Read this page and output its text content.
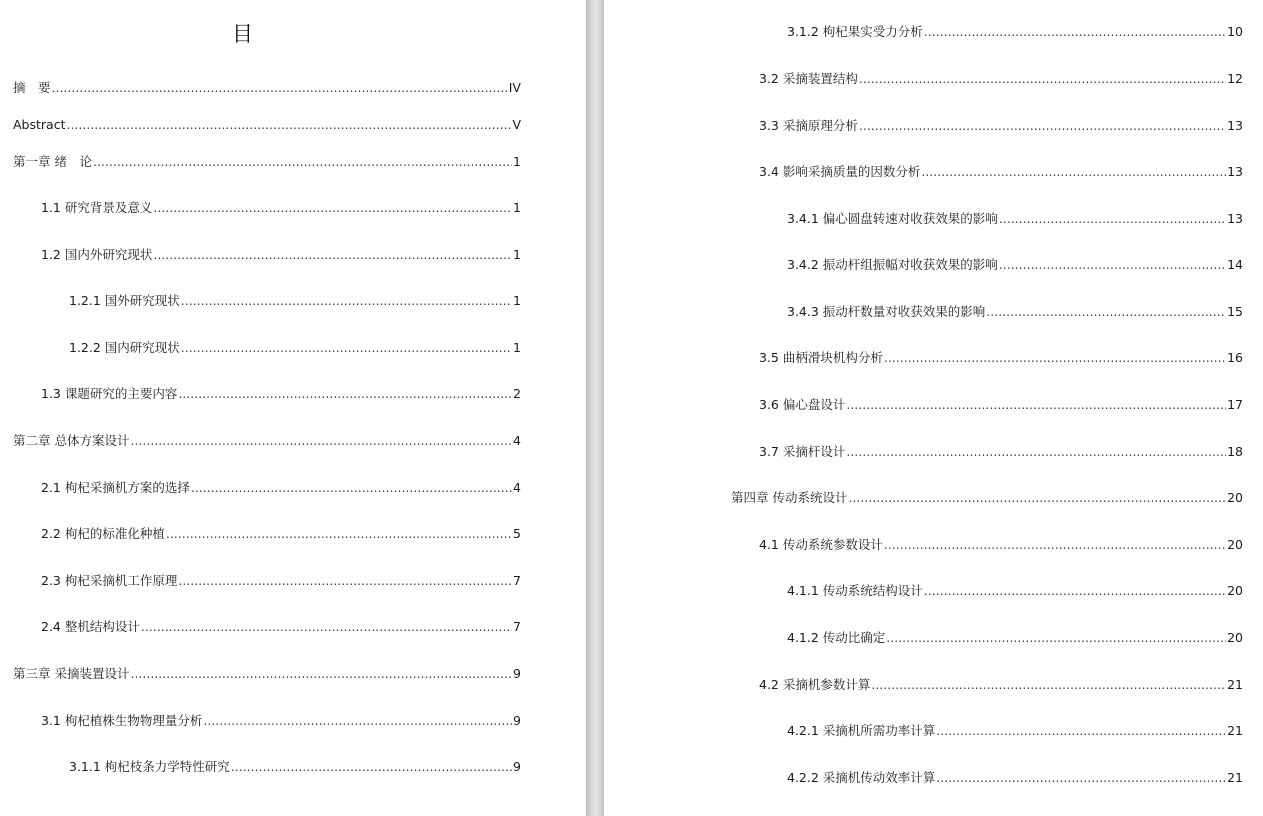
目
摘　要 .....	IV
Abstract .....	V
第一章 绪　论 .....	1
1.1 研究背景及意义 .....	1
1.2 国内外研究现状 .....	1
1.2.1 国外研究现状 .....	1
1.2.2 国内研究现状 .....	1
1.3 课题研究的主要内容 .....	2
第二章 总体方案设计 .....	4
2.1 枸杞采摘机方案的选择 .....	4
2.2 枸杞的标准化种植 .....	5
2.3 枸杞采摘机工作原理 .....	7
2.4 整机结构设计 .....	7
第三章 采摘装置设计 .....	9
3.1 枸杞植株生物物理量分析 .....	9
3.1.1 枸杞枝条力学特性研究 .....	9
3.1.2 枸杞果实受力分析 .....	10
3.2 采摘装置结构 .....	12
3.3 采摘原理分析 .....	13
3.4 影响采摘质量的因数分析 .....	13
3.4.1 偏心圆盘转速对收获效果的影响 .....	13
3.4.2 振动杆组振幅对收获效果的影响 .....	14
3.4.3 振动杆数量对收获效果的影响 .....	15
3.5 曲柄滑块机构分析 .....	16
3.6 偏心盘设计 .....	17
3.7 采摘杆设计 .....	18
第四章 传动系统设计 .....	20
4.1 传动系统参数设计 .....	20
4.1.1 传动系统结构设计 .....	20
4.1.2 传动比确定 .....	20
4.2 采摘机参数计算 .....	21
4.2.1 采摘机所需功率计算 .....	21
4.2.2 采摘机传动效率计算 .....	21
